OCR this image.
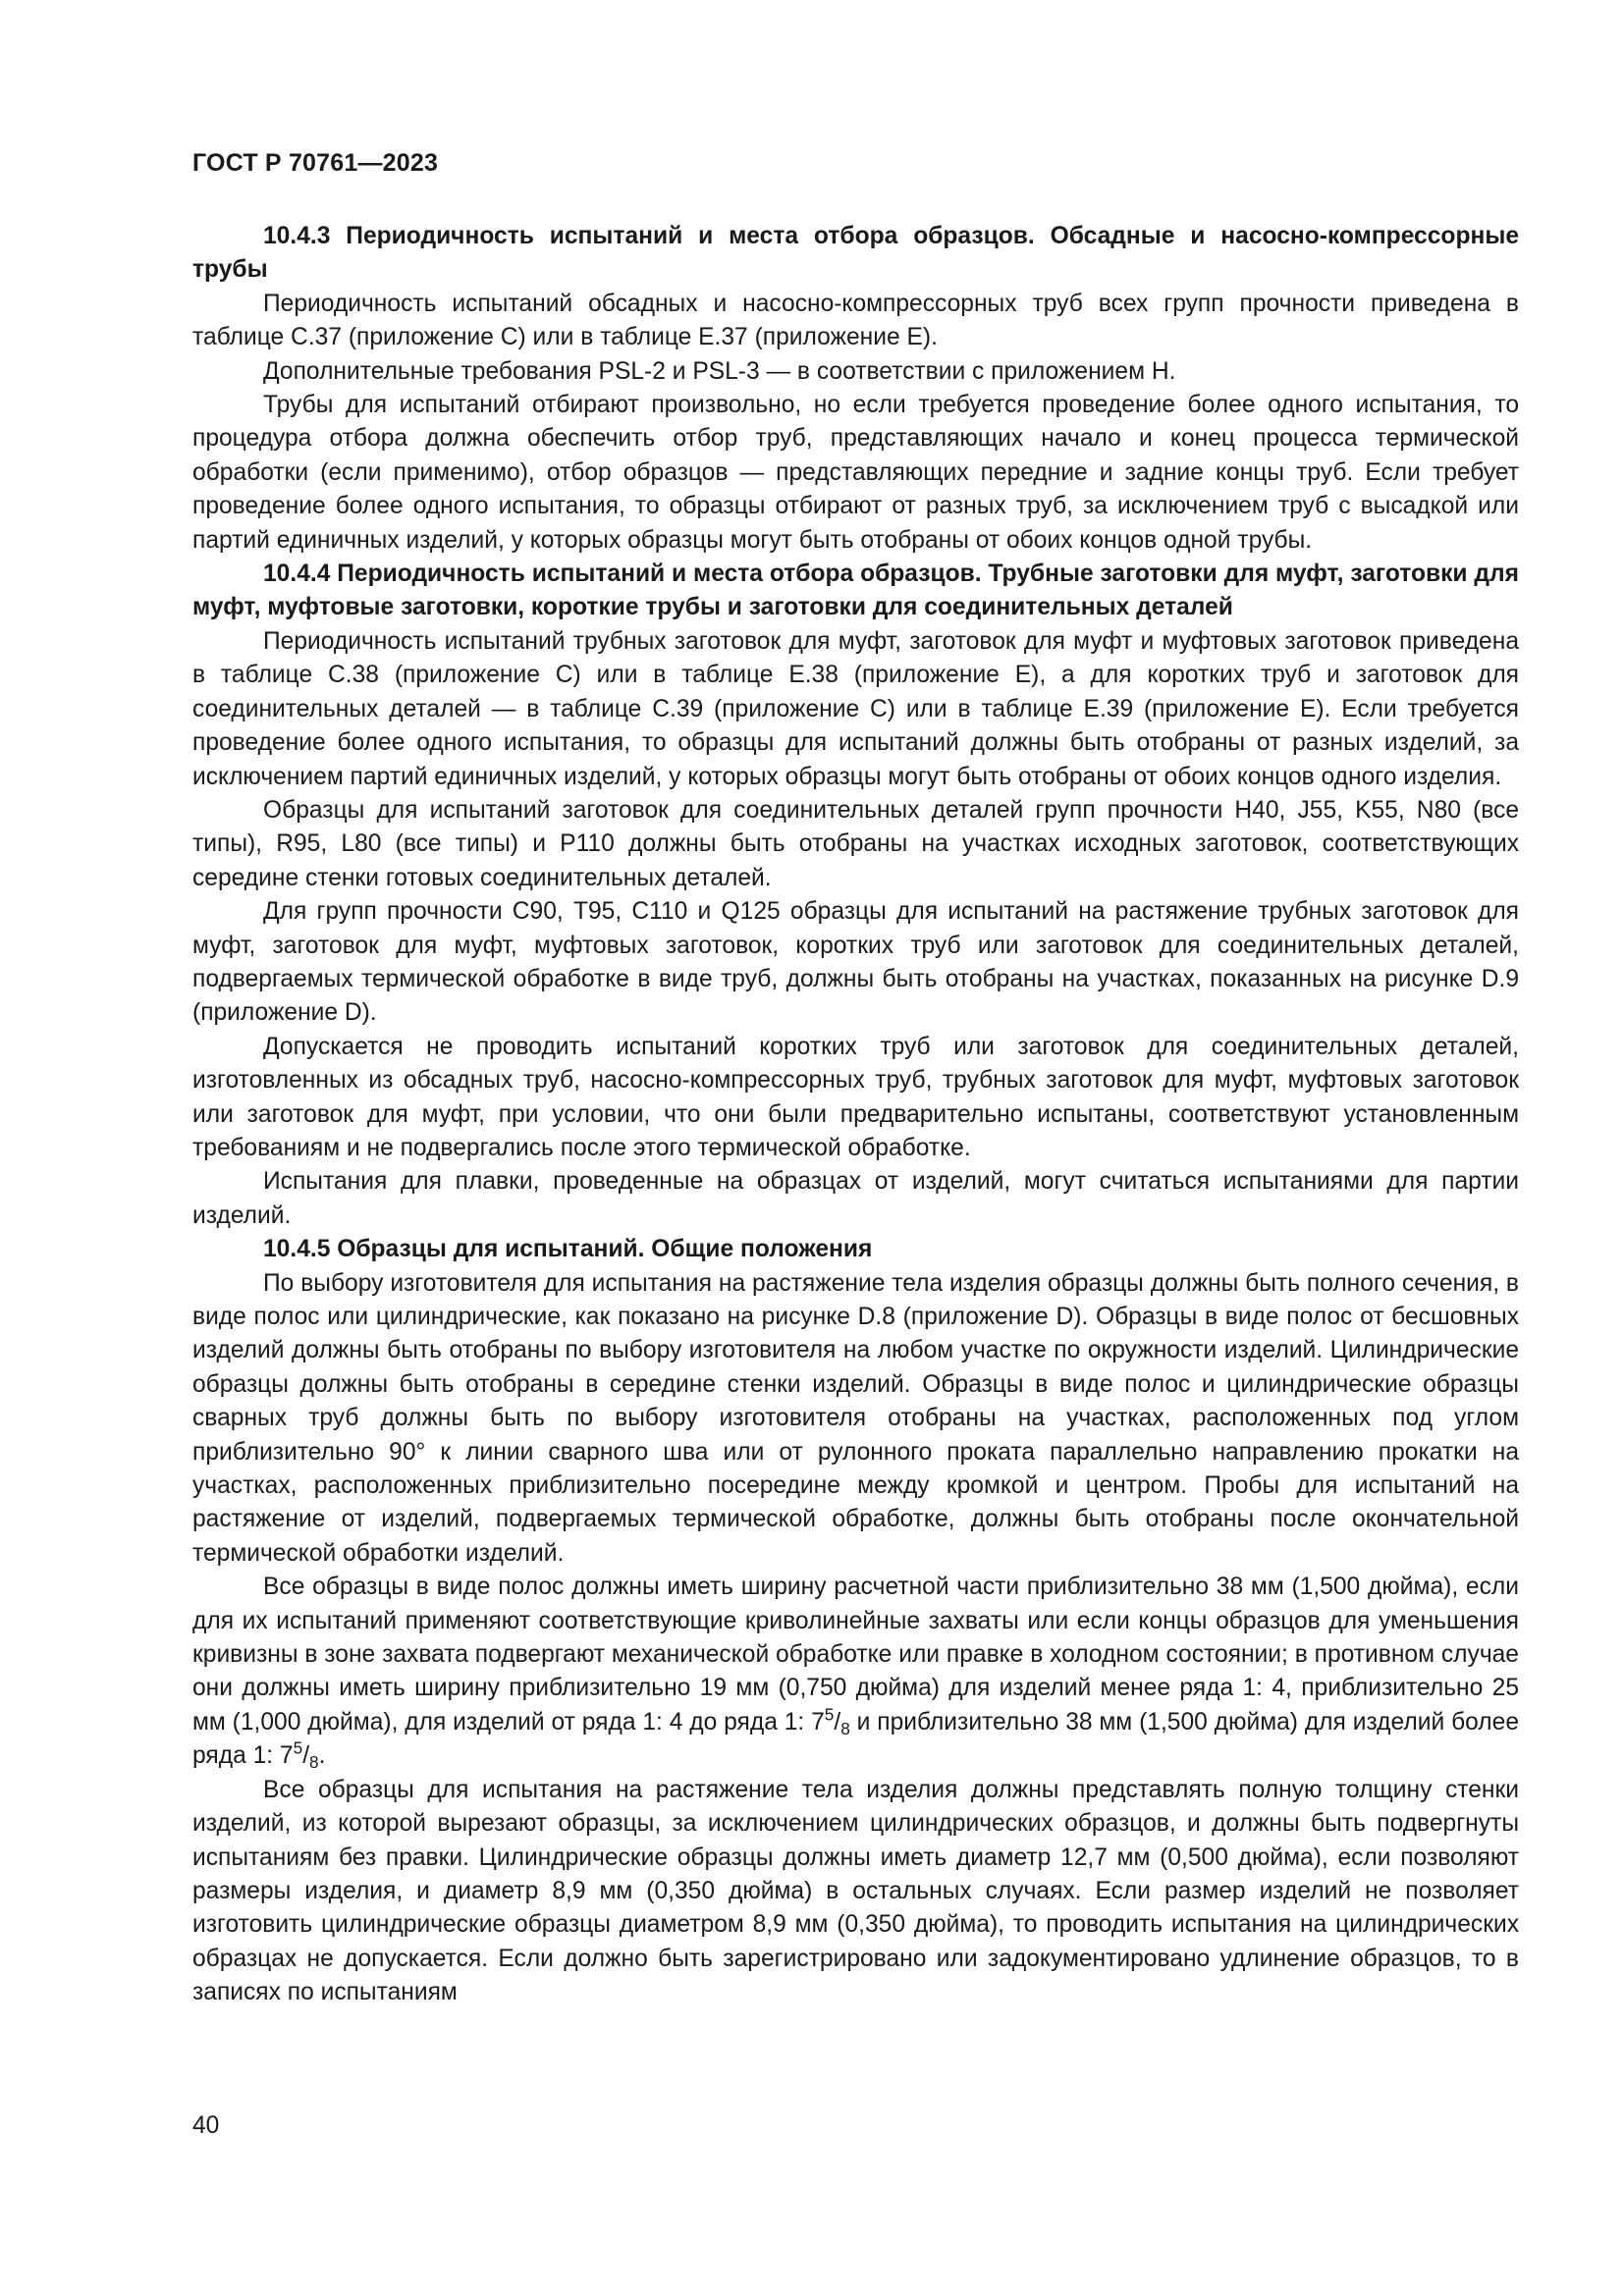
ГОСТ Р 70761—2023

10.4.3 Периодичность испытаний и места отбора образцов. Обсадные и насосно-компрессорные трубы

Периодичность испытаний обсадных и насосно-компрессорных труб всех групп прочности приведена в таблице С.37 (приложение С) или в таблице Е.37 (приложение Е).

Дополнительные требования PSL-2 и PSL-3 — в соответствии с приложением Н.

Трубы для испытаний отбирают произвольно, но если требуется проведение более одного испытания, то процедура отбора должна обеспечить отбор труб, представляющих начало и конец процесса термической обработки (если применимо), отбор образцов — представляющих передние и задние концы труб. Если требует проведение более одного испытания, то образцы отбирают от разных труб, за исключением труб с высадкой или партий единичных изделий, у которых образцы могут быть отобраны от обоих концов одной трубы.

10.4.4 Периодичность испытаний и места отбора образцов. Трубные заготовки для муфт, заготовки для муфт, муфтовые заготовки, короткие трубы и заготовки для соединительных деталей

Периодичность испытаний трубных заготовок для муфт, заготовок для муфт и муфтовых заготовок приведена в таблице С.38 (приложение С) или в таблице Е.38 (приложение Е), а для коротких труб и заготовок для соединительных деталей — в таблице С.39 (приложение С) или в таблице Е.39 (приложение Е). Если требуется проведение более одного испытания, то образцы для испытаний должны быть отобраны от разных изделий, за исключением партий единичных изделий, у которых образцы могут быть отобраны от обоих концов одного изделия.

Образцы для испытаний заготовок для соединительных деталей групп прочности Н40, J55, K55, N80 (все типы), R95, L80 (все типы) и Р110 должны быть отобраны на участках исходных заготовок, соответствующих середине стенки готовых соединительных деталей.

Для групп прочности С90, Т95, С110 и Q125 образцы для испытаний на растяжение трубных заготовок для муфт, заготовок для муфт, муфтовых заготовок, коротких труб или заготовок для соединительных деталей, подвергаемых термической обработке в виде труб, должны быть отобраны на участках, показанных на рисунке D.9 (приложение D).

Допускается не проводить испытаний коротких труб или заготовок для соединительных деталей, изготовленных из обсадных труб, насосно-компрессорных труб, трубных заготовок для муфт, муфтовых заготовок или заготовок для муфт, при условии, что они были предварительно испытаны, соответствуют установленным требованиям и не подвергались после этого термической обработке.

Испытания для плавки, проведенные на образцах от изделий, могут считаться испытаниями для партии изделий.

10.4.5 Образцы для испытаний. Общие положения

По выбору изготовителя для испытания на растяжение тела изделия образцы должны быть полного сечения, в виде полос или цилиндрические, как показано на рисунке D.8 (приложение D). Образцы в виде полос от бесшовных изделий должны быть отобраны по выбору изготовителя на любом участке по окружности изделий. Цилиндрические образцы должны быть отобраны в середине стенки изделий. Образцы в виде полос и цилиндрические образцы сварных труб должны быть по выбору изготовителя отобраны на участках, расположенных под углом приблизительно 90° к линии сварного шва или от рулонного проката параллельно направлению прокатки на участках, расположенных приблизительно посередине между кромкой и центром. Пробы для испытаний на растяжение от изделий, подвергаемых термической обработке, должны быть отобраны после окончательной термической обработки изделий.

Все образцы в виде полос должны иметь ширину расчетной части приблизительно 38 мм (1,500 дюйма), если для их испытаний применяют соответствующие криволинейные захваты или если концы образцов для уменьшения кривизны в зоне захвата подвергают механической обработке или правке в холодном состоянии; в противном случае они должны иметь ширину приблизительно 19 мм (0,750 дюйма) для изделий менее ряда 1: 4, приблизительно 25 мм (1,000 дюйма), для изделий от ряда 1: 4 до ряда 1: $7^5/_8$ и приблизительно 38 мм (1,500 дюйма) для изделий более ряда 1: $7^5/_8$.

Все образцы для испытания на растяжение тела изделия должны представлять полную толщину стенки изделий, из которой вырезают образцы, за исключением цилиндрических образцов, и должны быть подвергнуты испытаниям без правки. Цилиндрические образцы должны иметь диаметр 12,7 мм (0,500 дюйма), если позволяют размеры изделия, и диаметр 8,9 мм (0,350 дюйма) в остальных случаях. Если размер изделий не позволяет изготовить цилиндрические образцы диаметром 8,9 мм (0,350 дюйма), то проводить испытания на цилиндрических образцах не допускается. Если должно быть зарегистрировано или задокументировано удлинение образцов, то в записях по испытаниям

40
